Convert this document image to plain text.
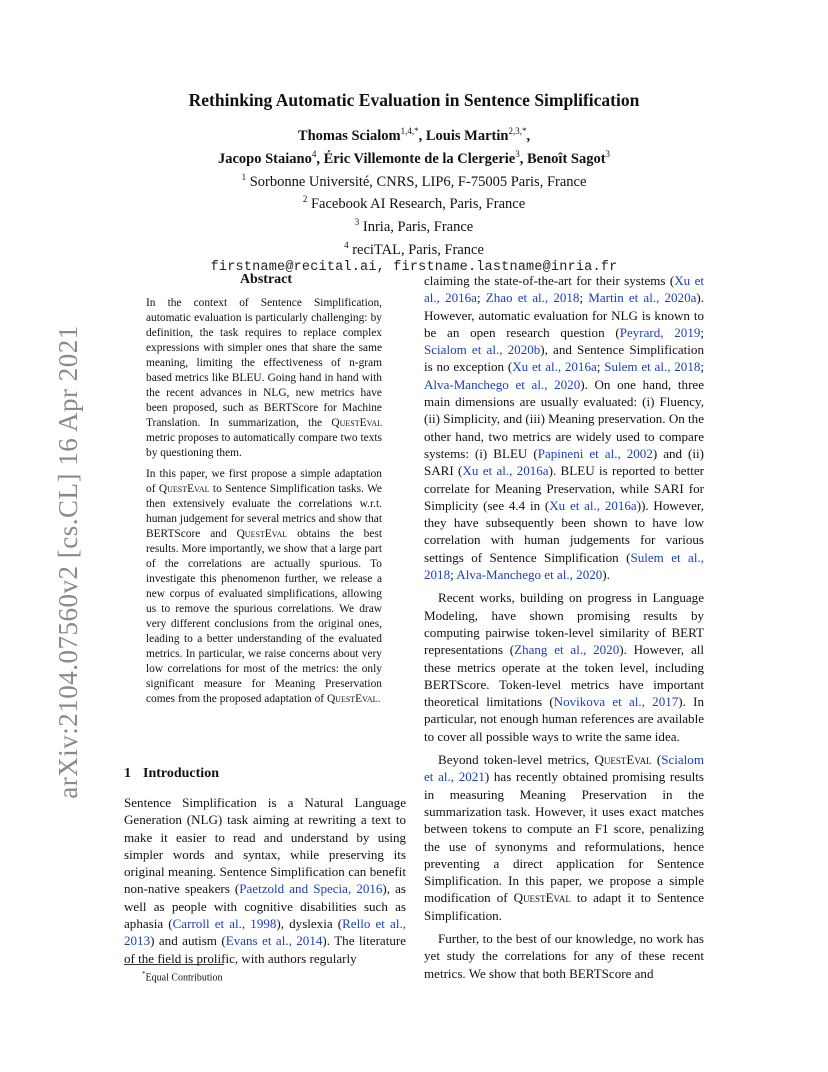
arXiv:2104.07560v2 [cs.CL] 16 Apr 2021
Rethinking Automatic Evaluation in Sentence Simplification
Thomas Scialom$^{1,4,*}$, Louis Martin$^{2,3,*}$,
Jacopo Staiano$^4$, Éric Villemonte de la Clergerie$^3$, Benoît Sagot$^3$
$^1$ Sorbonne Université, CNRS, LIP6, F-75005 Paris, France
$^2$ Facebook AI Research, Paris, France
$^3$ Inria, Paris, France
$^4$ reciTAL, Paris, France
firstname@recital.ai, firstname.lastname@inria.fr
Abstract

In the context of Sentence Simplification, automatic evaluation is particularly challenging: by definition, the task requires to replace complex expressions with simpler ones that share the same meaning, limiting the effectiveness of n-gram based metrics like BLEU. Going hand in hand with the recent advances in NLG, new metrics have been proposed, such as BERTScore for Machine Translation. In summarization, the QuestEval metric proposes to automatically compare two texts by questioning them.

In this paper, we first propose a simple adaptation of QuestEval to Sentence Simplification tasks. We then extensively evaluate the correlations w.r.t. human judgement for several metrics and show that BERTScore and QuestEval obtains the best results. More importantly, we show that a large part of the correlations are actually spurious. To investigate this phenomenon further, we release a new corpus of evaluated simplifications, allowing us to remove the spurious correlations. We draw very different conclusions from the original ones, leading to a better understanding of the evaluated metrics. In particular, we raise concerns about very low correlations for most of the metrics: the only significant measure for Meaning Preservation comes from the proposed adaptation of QuestEval.

1 Introduction

Sentence Simplification is a Natural Language Generation (NLG) task aiming at rewriting a text to make it easier to read and understand by using simpler words and syntax, while preserving its original meaning. Sentence Simplification can benefit non-native speakers (Paetzold and Specia, 2016), as well as people with cognitive disabilities such as aphasia (Carroll et al., 1998), dyslexia (Rello et al., 2013) and autism (Evans et al., 2014). The literature of the field is prolific, with authors regularly

*Equal Contribution

claiming the state-of-the-art for their systems (Xu et al., 2016a; Zhao et al., 2018; Martin et al., 2020a). However, automatic evaluation for NLG is known to be an open research question (Peyrard, 2019; Scialom et al., 2020b), and Sentence Simplification is no exception (Xu et al., 2016a; Sulem et al., 2018; Alva-Manchego et al., 2020). On one hand, three main dimensions are usually evaluated: (i) Fluency, (ii) Simplicity, and (iii) Meaning preservation. On the other hand, two metrics are widely used to compare systems: (i) BLEU (Papineni et al., 2002) and (ii) SARI (Xu et al., 2016a). BLEU is reported to better correlate for Meaning Preservation, while SARI for Simplicity (see 4.4 in (Xu et al., 2016a)). However, they have subsequently been shown to have low correlation with human judgements for various settings of Sentence Simplification (Sulem et al., 2018; Alva-Manchego et al., 2020).

Recent works, building on progress in Language Modeling, have shown promising results by computing pairwise token-level similarity of BERT representations (Zhang et al., 2020). However, all these metrics operate at the token level, including BERTScore. Token-level metrics have important theoretical limitations (Novikova et al., 2017). In particular, not enough human references are available to cover all possible ways to write the same idea.

Beyond token-level metrics, QuestEval (Scialom et al., 2021) has recently obtained promising results in measuring Meaning Preservation in the summarization task. However, it uses exact matches between tokens to compute an F1 score, penalizing the use of synonyms and reformulations, hence preventing a direct application for Sentence Simplification. In this paper, we propose a simple modification of QuestEval to adapt it to Sentence Simplification.

Further, to the best of our knowledge, no work has yet study the correlations for any of these recent metrics. We show that both BERTScore and
